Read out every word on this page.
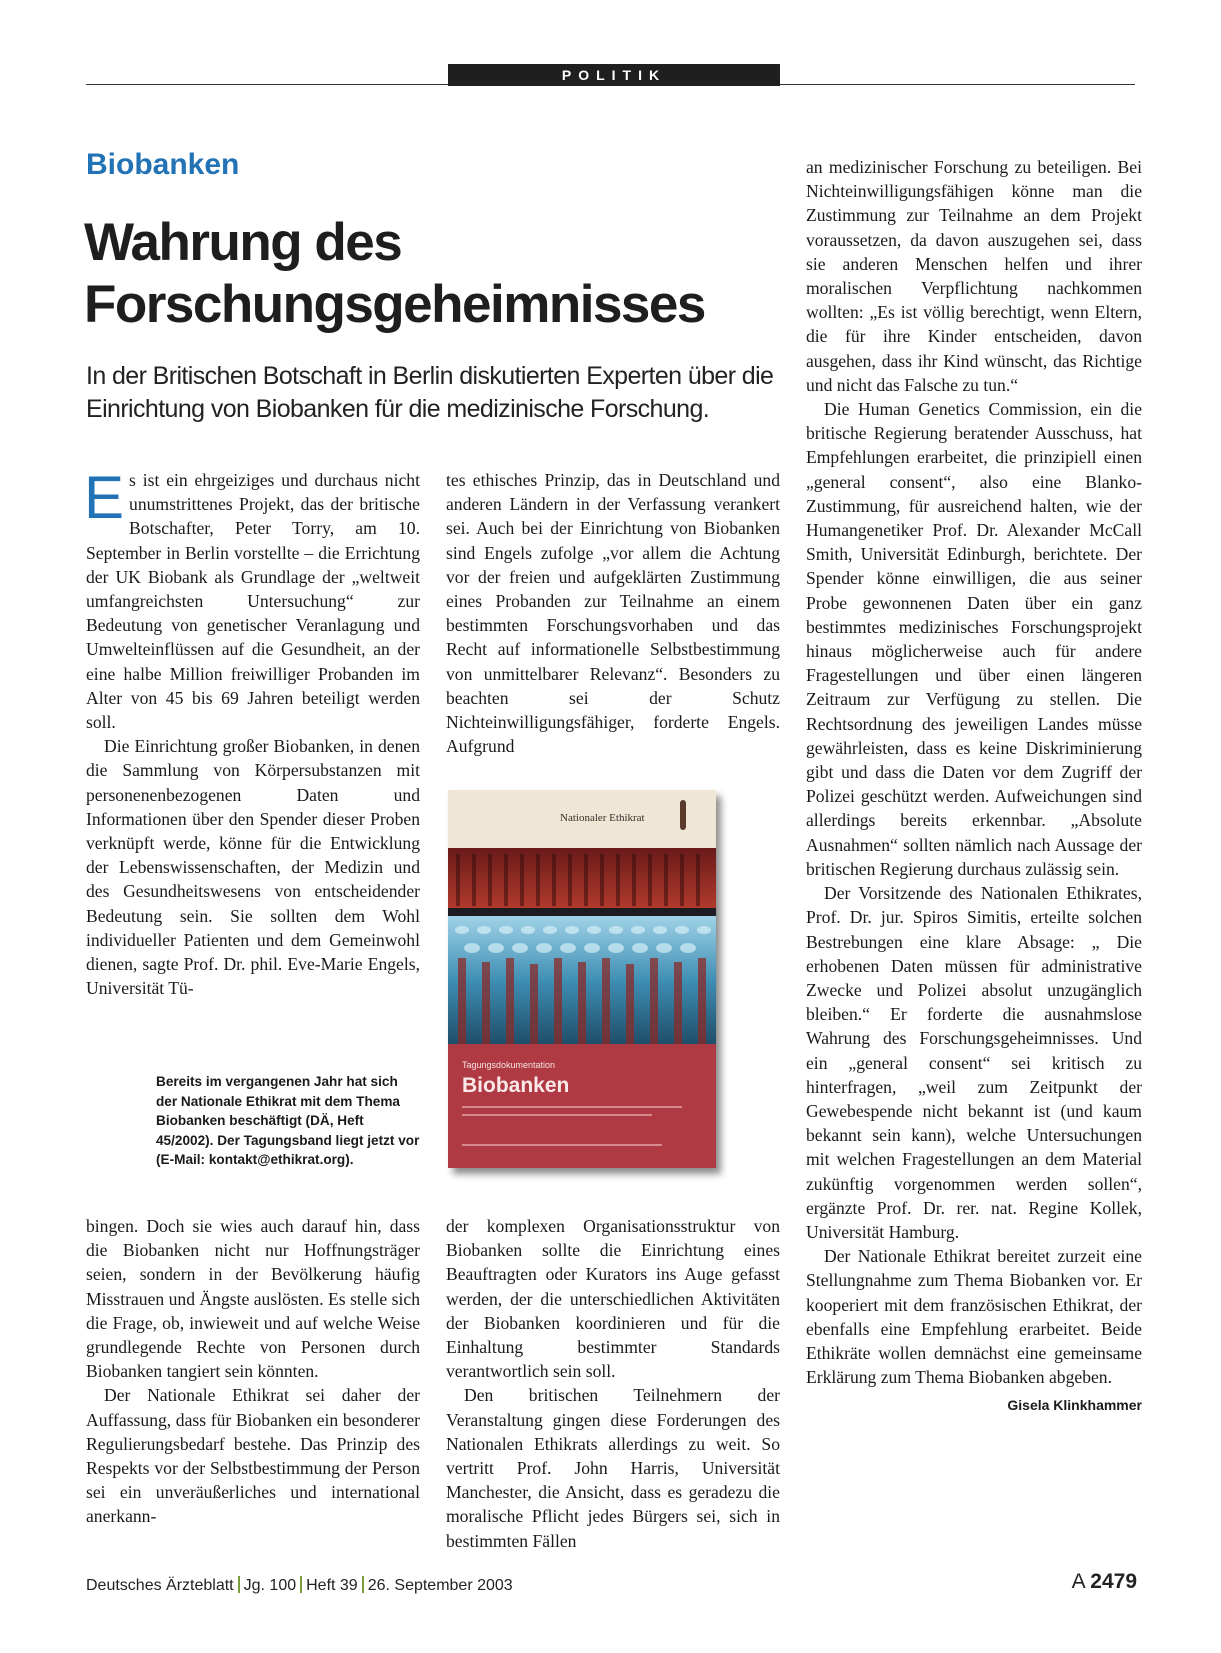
POLITIK
Biobanken
Wahrung des
Forschungsgeheimnisses

In der Britischen Botschaft in Berlin diskutierten Experten über die Einrichtung von Biobanken für die medizinische Forschung.

Es ist ein ehrgeiziges und durchaus nicht unumstrittenes Projekt, das der britische Botschafter, Peter Torry, am 10. September in Berlin vorstellte – die Errichtung der UK Biobank als Grundlage der „weltweit umfangreichsten Untersuchung“ zur Bedeutung von genetischer Veranlagung und Umwelteinflüssen auf die Gesundheit, an der eine halbe Million freiwilliger Probanden im Alter von 45 bis 69 Jahren beteiligt werden soll.

Die Einrichtung großer Biobanken, in denen die Sammlung von Körpersubstanzen mit personenenbezogenen Daten und Informationen über den Spender dieser Proben verknüpft werde, könne für die Entwicklung der Lebenswissenschaften, der Medizin und des Gesundheitswesens von entscheidender Bedeutung sein. Sie sollten dem Wohl individueller Patienten und dem Gemeinwohl dienen, sagte Prof. Dr. phil. Eve-Marie Engels, Universität Tü-

Bereits im vergangenen Jahr hat sich der Nationale Ethikrat mit dem Thema Biobanken beschäftigt (DÄ, Heft 45/2002). Der Tagungsband liegt jetzt vor (E-Mail: kontakt@ethikrat.org).

bingen. Doch sie wies auch darauf hin, dass die Biobanken nicht nur Hoffnungsträger seien, sondern in der Bevölkerung häufig Misstrauen und Ängste auslösten. Es stelle sich die Frage, ob, inwieweit und auf welche Weise grundlegende Rechte von Personen durch Biobanken tangiert sein könnten.

Der Nationale Ethikrat sei daher der Auffassung, dass für Biobanken ein besonderer Regulierungsbedarf bestehe. Das Prinzip des Respekts vor der Selbstbestimmung der Person sei ein unveräußerliches und international anerkann-

tes ethisches Prinzip, das in Deutschland und anderen Ländern in der Verfassung verankert sei. Auch bei der Einrichtung von Biobanken sind Engels zufolge „vor allem die Achtung vor der freien und aufgeklärten Zustimmung eines Probanden zur Teilnahme an einem bestimmten Forschungsvorhaben und das Recht auf informationelle Selbstbestimmung von unmittelbarer Relevanz“. Besonders zu beachten sei der Schutz Nichteinwilligungsfähiger, forderte Engels. Aufgrund

Nationaler Ethikrat
Tagungsdokumentation
Biobanken

der komplexen Organisationsstruktur von Biobanken sollte die Einrichtung eines Beauftragten oder Kurators ins Auge gefasst werden, der die unterschiedlichen Aktivitäten der Biobanken koordinieren und für die Einhaltung bestimmter Standards verantwortlich sein soll.

Den britischen Teilnehmern der Veranstaltung gingen diese Forderungen des Nationalen Ethikrats allerdings zu weit. So vertritt Prof. John Harris, Universität Manchester, die Ansicht, dass es geradezu die moralische Pflicht jedes Bürgers sei, sich in bestimmten Fällen

an medizinischer Forschung zu beteiligen. Bei Nichteinwilligungsfähigen könne man die Zustimmung zur Teilnahme an dem Projekt voraussetzen, da davon auszugehen sei, dass sie anderen Menschen helfen und ihrer moralischen Verpflichtung nachkommen wollten: „Es ist völlig berechtigt, wenn Eltern, die für ihre Kinder entscheiden, davon ausgehen, dass ihr Kind wünscht, das Richtige und nicht das Falsche zu tun.“

Die Human Genetics Commission, ein die britische Regierung beratender Ausschuss, hat Empfehlungen erarbeitet, die prinzipiell einen „general consent“, also eine Blanko-Zustimmung, für ausreichend halten, wie der Humangenetiker Prof. Dr. Alexander McCall Smith, Universität Edinburgh, berichtete. Der Spender könne einwilligen, die aus seiner Probe gewonnenen Daten über ein ganz bestimmtes medizinisches Forschungsprojekt hinaus möglicherweise auch für andere Fragestellungen und über einen längeren Zeitraum zur Verfügung zu stellen. Die Rechtsordnung des jeweiligen Landes müsse gewährleisten, dass es keine Diskriminierung gibt und dass die Daten vor dem Zugriff der Polizei geschützt werden. Aufweichungen sind allerdings bereits erkennbar. „Absolute Ausnahmen“ sollten nämlich nach Aussage der britischen Regierung durchaus zulässig sein.

Der Vorsitzende des Nationalen Ethikrates, Prof. Dr. jur. Spiros Simitis, erteilte solchen Bestrebungen eine klare Absage: „ Die erhobenen Daten müssen für administrative Zwecke und Polizei absolut unzugänglich bleiben.“ Er forderte die ausnahmslose Wahrung des Forschungsgeheimnisses. Und ein „general consent“ sei kritisch zu hinterfragen, „weil zum Zeitpunkt der Gewebespende nicht bekannt ist (und kaum bekannt sein kann), welche Untersuchungen mit welchen Fragestellungen an dem Material zukünftig vorgenommen werden sollen“, ergänzte Prof. Dr. rer. nat. Regine Kollek, Universität Hamburg.

Der Nationale Ethikrat bereitet zurzeit eine Stellungnahme zum Thema Biobanken vor. Er kooperiert mit dem französischen Ethikrat, der ebenfalls eine Empfehlung erarbeitet. Beide Ethikräte wollen demnächst eine gemeinsame Erklärung zum Thema Biobanken abgeben.
Gisela Klinkhammer

Deutsches Ärzteblatt Jg. 100 Heft 39 26. September 2003	A 2479
